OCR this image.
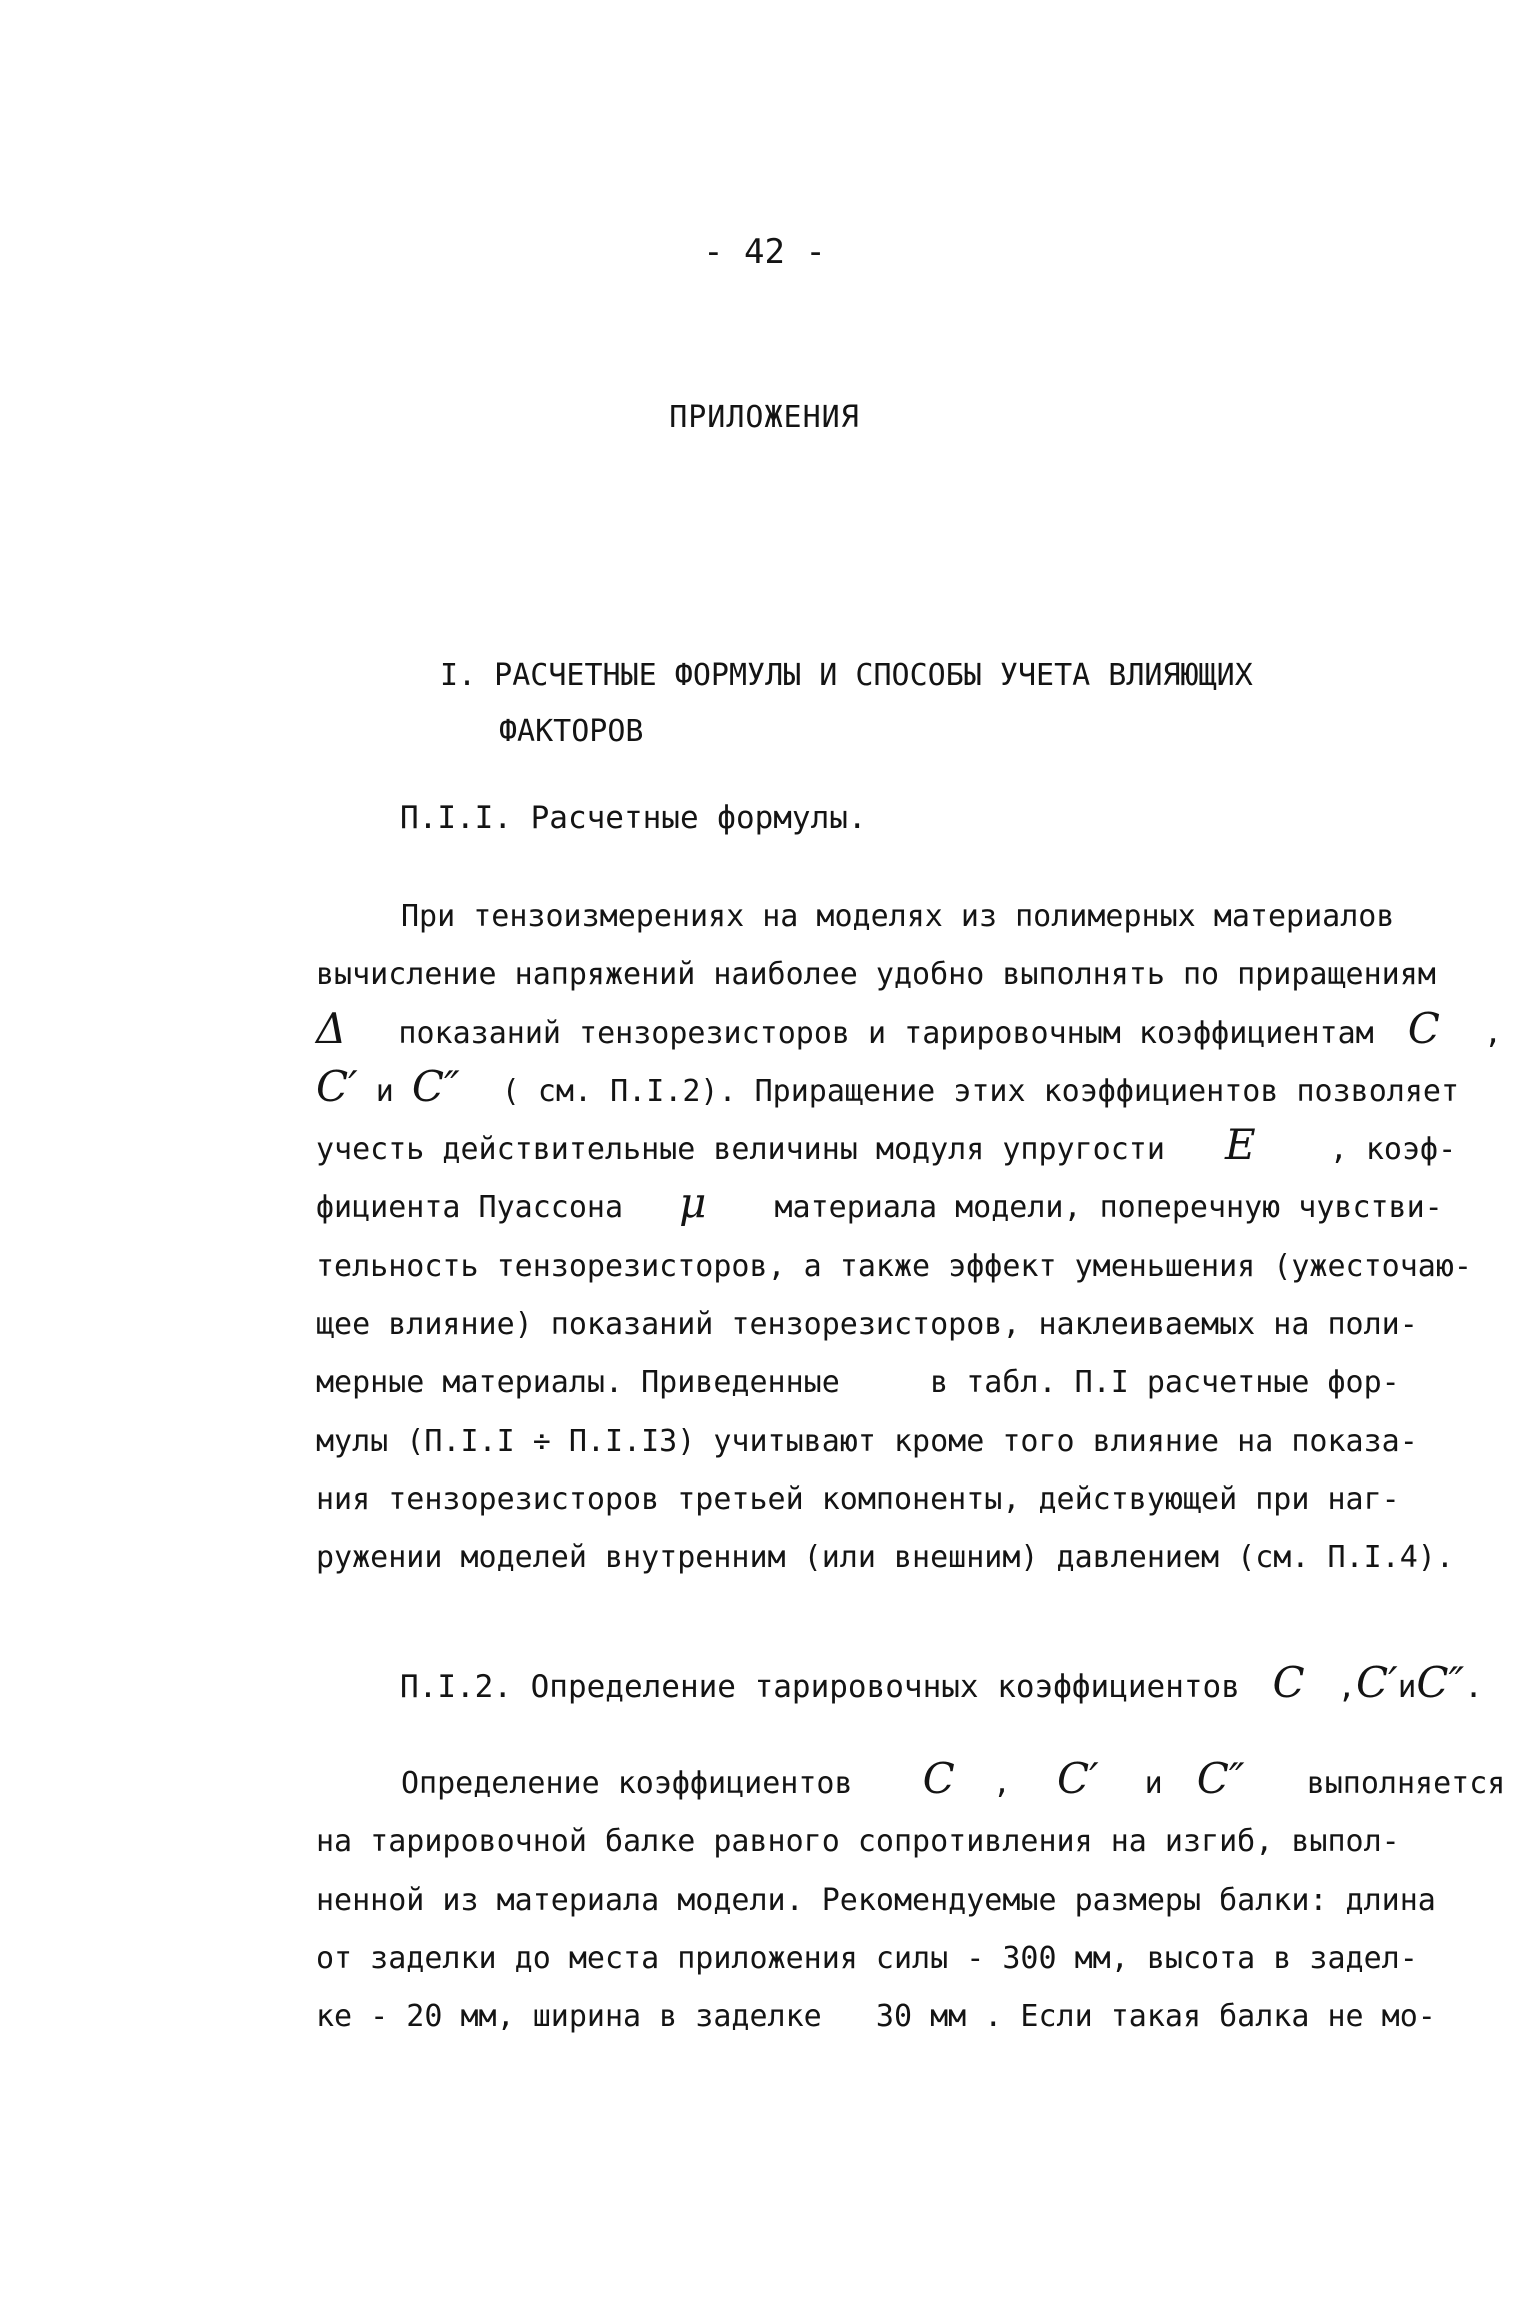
- 42 -
ПРИЛОЖЕНИЯ
I. РАСЧЕТНЫЕ ФОРМУЛЫ И СПОСОБЫ УЧЕТА ВЛИЯЮЩИХ
ФАКТОРОВ
П.I.I. Расчетные формулы.
При тензоизмерениях на моделях из полимерных материалов
вычисление напряжений наиболее удобно выполнять по приращениям
Δ показаний тензорезисторов и тарировочным коэффициентам C ,
C′ и C″ ( см. П.I.2). Приращение этих коэффициентов позволяет
учесть действительные величины модуля упругости E , коэф-
фициента Пуассона μ материала модели, поперечную чувстви-
тельность тензорезисторов, а также эффект уменьшения (ужесточаю-
щее влияние) показаний тензорезисторов, наклеиваемых на поли-
мерные материалы. Приведенные     в табл. П.I расчетные фор-
мулы (П.I.I ÷ П.I.I3) учитывают кроме того влияние на показа-
ния тензорезисторов третьей компоненты, действующей при наг-
ружении моделей внутренним (или внешним) давлением (см. П.I.4).
П.I.2. Определение тарировочных коэффициентов C ,C′иC″.
Определение коэффициентов C , C′ и C″ выполняется
на тарировочной балке равного сопротивления на изгиб, выпол-
ненной из материала модели. Рекомендуемые размеры балки: длина
от заделки до места приложения силы - 300 мм, высота в задел-
ке - 20 мм, ширина в заделке   30 мм . Если такая балка не мо-
